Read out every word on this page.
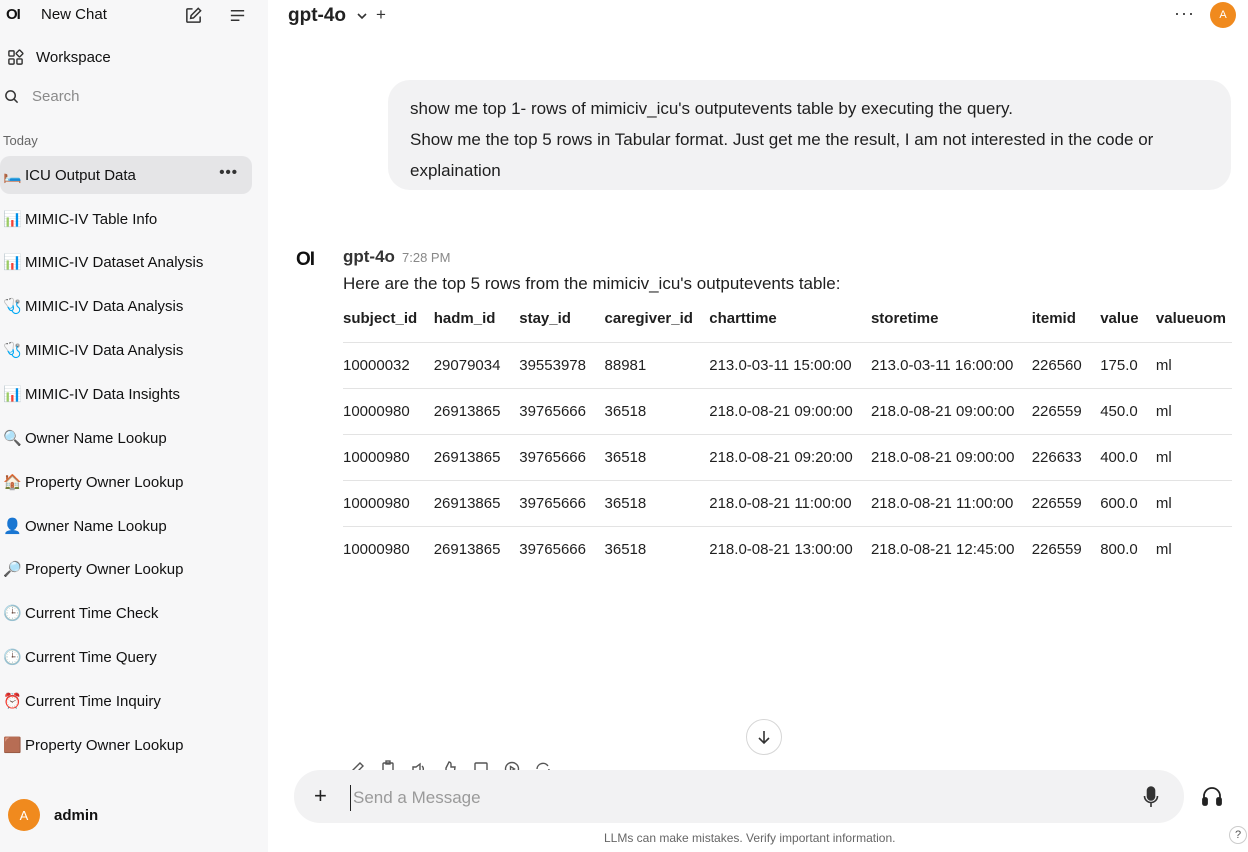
OI New Chat
Workspace
Search
Today
🛏️ ICU Output Data	•••
📊 MIMIC-IV Table Info
📊 MIMIC-IV Dataset Analysis
🩺 MIMIC-IV Data Analysis
🩺 MIMIC-IV Data Analysis
📊 MIMIC-IV Data Insights
🔍 Owner Name Lookup
🏠 Property Owner Lookup
👤 Owner Name Lookup
🔎 Property Owner Lookup
🕒 Current Time Check
🕒 Current Time Query
⏰ Current Time Inquiry
🟫 Property Owner Lookup
A	admin
gpt-4o +	···	A

show me top 1- rows of mimiciv_icu's outputevents table by executing the query.

Show me the top 5 rows in Tabular format. Just get me the result, I am not interested in the code or explaination

OI gpt-4o 7:28 PM
Here are the top 5 rows from the mimiciv_icu's outputevents table:
subject_id	hadm_id	stay_id	caregiver_id	charttime	storetime	itemid	value	valueuom
10000032	29079034	39553978	88981	213.0-03-11 15:00:00	213.0-03-11 16:00:00	226560	175.0	ml
10000980	26913865	39765666	36518	218.0-08-21 09:00:00	218.0-08-21 09:00:00	226559	450.0	ml
10000980	26913865	39765666	36518	218.0-08-21 09:20:00	218.0-08-21 09:00:00	226633	400.0	ml
10000980	26913865	39765666	36518	218.0-08-21 11:00:00	218.0-08-21 11:00:00	226559	600.0	ml
10000980	26913865	39765666	36518	218.0-08-21 13:00:00	218.0-08-21 12:45:00	226559	800.0	ml
+
Send a Message
LLMs can make mistakes. Verify important information.	?
